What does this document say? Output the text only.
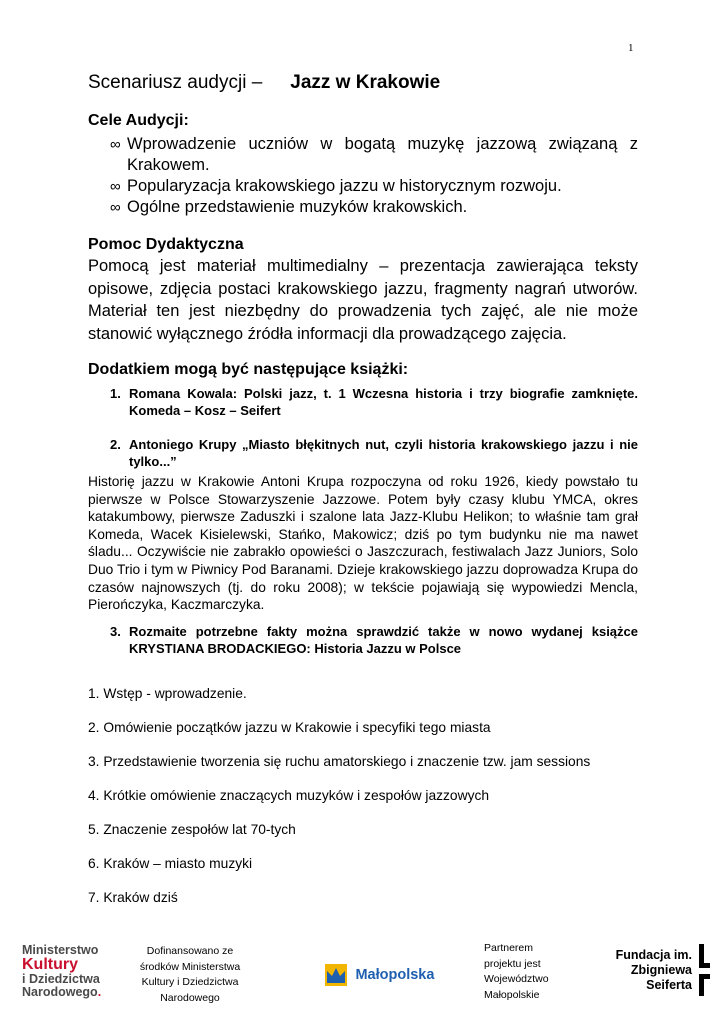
1
Scenariusz audycji – Jazz w Krakowie
Cele Audycji:
∞ Wprowadzenie uczniów w bogatą muzykę jazzową związaną z Krakowem.
∞ Popularyzacja krakowskiego jazzu w historycznym rozwoju.
∞ Ogólne przedstawienie muzyków krakowskich.
Pomoc Dydaktyczna
Pomocą jest materiał multimedialny – prezentacja zawierająca teksty opisowe, zdjęcia postaci krakowskiego jazzu, fragmenty nagrań utworów. Materiał ten jest niezbędny do prowadzenia tych zajęć, ale nie może stanowić wyłącznego źródła informacji dla prowadzącego zajęcia.
Dodatkiem mogą być następujące książki:
1. Romana Kowala: Polski jazz, t. 1 Wczesna historia i trzy biografie zamknięte. Komeda – Kosz – Seifert
2. Antoniego Krupy „Miasto błękitnych nut, czyli historia krakowskiego jazzu i nie tylko...”
Historię jazzu w Krakowie Antoni Krupa rozpoczyna od roku 1926, kiedy powstało tu pierwsze w Polsce Stowarzyszenie Jazzowe. Potem były czasy klubu YMCA, okres katakumbowy, pierwsze Zaduszki i szalone lata Jazz-Klubu Helikon; to właśnie tam grał Komeda, Wacek Kisielewski, Stańko, Makowicz; dziś po tym budynku nie ma nawet śladu... Oczywiście nie zabrakło opowieści o Jaszczurach, festiwalach Jazz Juniors, Solo Duo Trio i tym w Piwnicy Pod Baranami. Dzieje krakowskiego jazzu doprowadza Krupa do czasów najnowszych (tj. do roku 2008); w tekście pojawiają się wypowiedzi Mencla, Pierończyka, Kaczmarczyka.
3. Rozmaite potrzebne fakty można sprawdzić także w nowo wydanej książce KRYSTIANA BRODACKIEGO: Historia Jazzu w Polsce
1. Wstęp - wprowadzenie.
2. Omówienie początków jazzu w Krakowie i specyfiki tego miasta
3. Przedstawienie tworzenia się ruchu amatorskiego i znaczenie tzw. jam sessions
4. Krótkie omówienie znaczących muzyków i zespołów jazzowych
5. Znaczenie zespołów lat 70-tych
6. Kraków – miasto muzyki
7. Kraków dziś
Ministerstwo
Kultury
i Dziedzictwa
Narodowego.
Dofinansowano ze
środków Ministerstwa
Kultury i Dziedzictwa
Narodowego
Małopolska
Partnerem
projektu jest
Województwo
Małopolskie
Fundacja im.
Zbigniewa
Seiferta
